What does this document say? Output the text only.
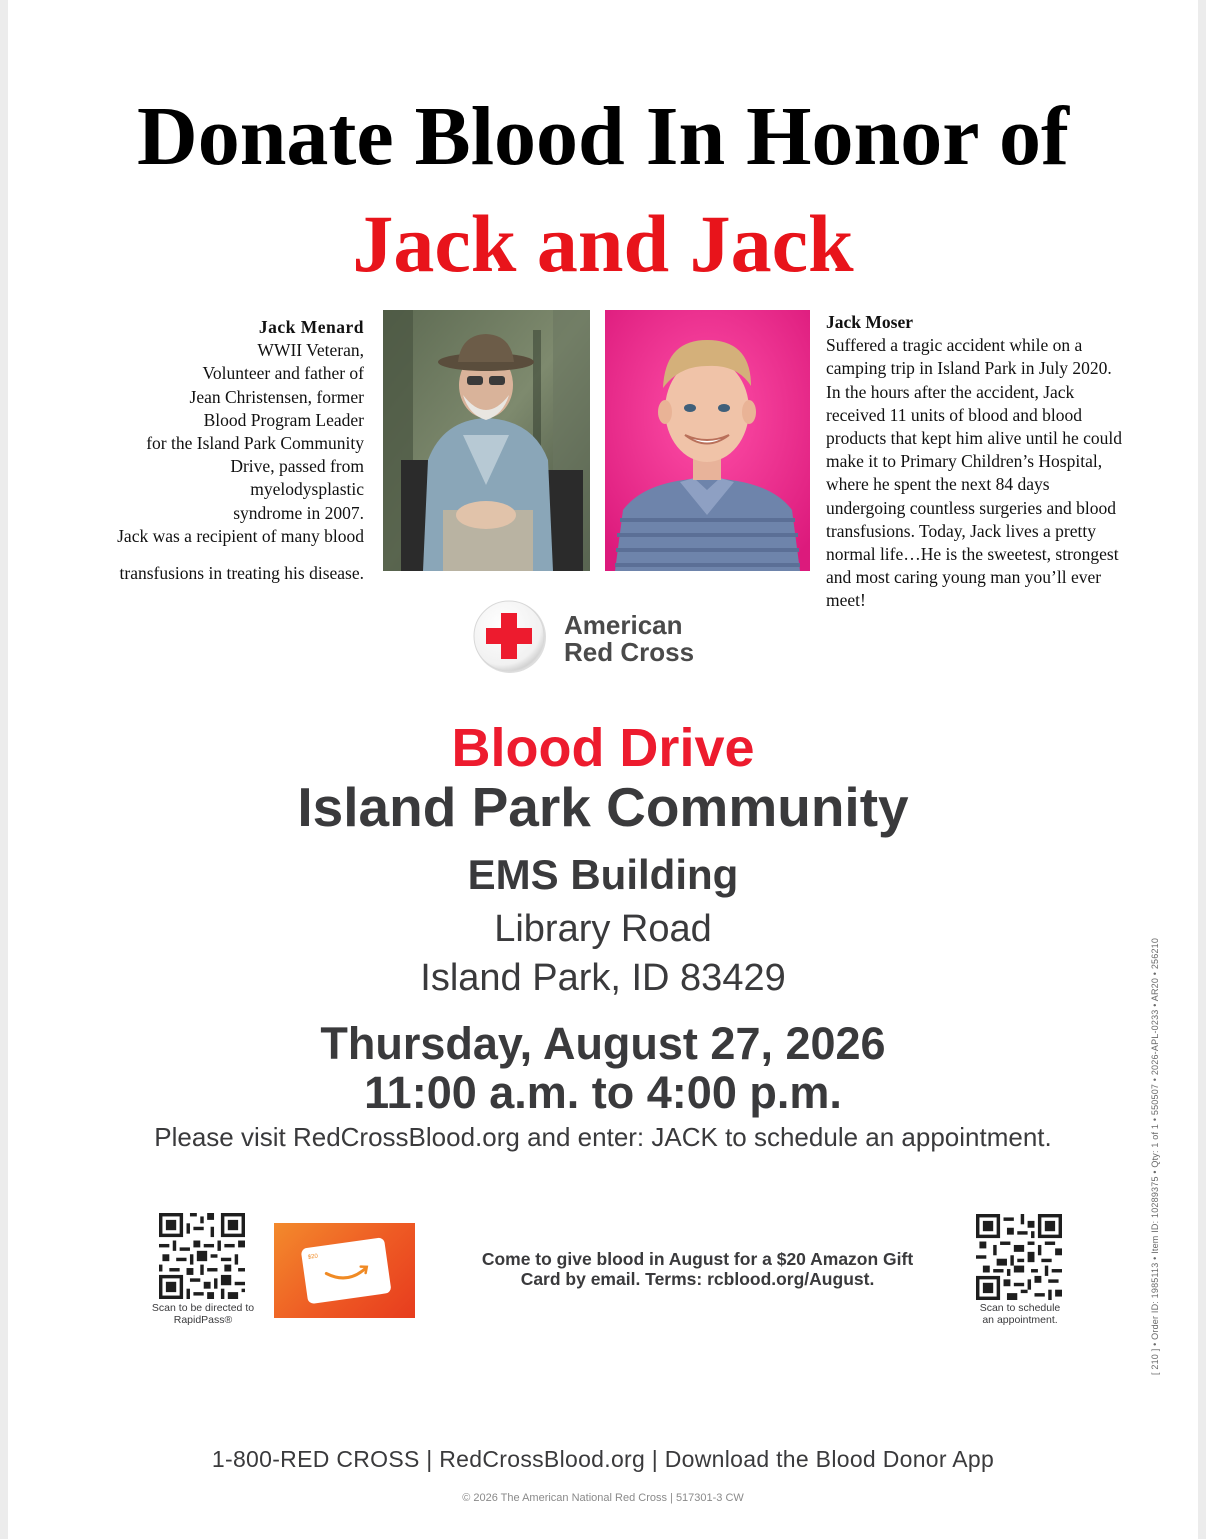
Donate Blood In Honor of
Jack and Jack
Jack Menard
WWII Veteran,
Volunteer and father of
Jean Christensen, former
Blood Program Leader
for the Island Park Community
Drive, passed from
myelodysplastic
syndrome in 2007.
Jack was a recipient of many blood
transfusions in treating his disease.
Jack Moser
Suffered a tragic accident while on a
camping trip in Island Park in July 2020.
In the hours after the accident, Jack
received 11 units of blood and blood
products that kept him alive until he could
make it to Primary Children’s Hospital,
where he spent the next 84 days
undergoing countless surgeries and blood
transfusions. Today, Jack lives a pretty
normal life…He is the sweetest, strongest
and most caring young man you’ll ever
meet!
American
Red Cross
Blood Drive
Island Park Community
EMS Building
Library Road
Island Park, ID 83429
Thursday, August 27, 2026
11:00 a.m. to 4:00 p.m.
Please visit RedCrossBlood.org and enter: JACK to schedule an appointment.
Scan to be directed to
RapidPass®
$20	Come to give blood in August for a $20 Amazon Gift
Card by email. Terms: rcblood.org/August.
Scan to schedule
an appointment.	[ 210 ] • Order ID: 1985113 • Item ID: 10289375 • Qty: 1 of 1 • 550507 • 2026-APL-0233 • AR20 • 256210
1-800-RED CROSS | RedCrossBlood.org | Download the Blood Donor App
© 2026 The American National Red Cross | 517301-3 CW
